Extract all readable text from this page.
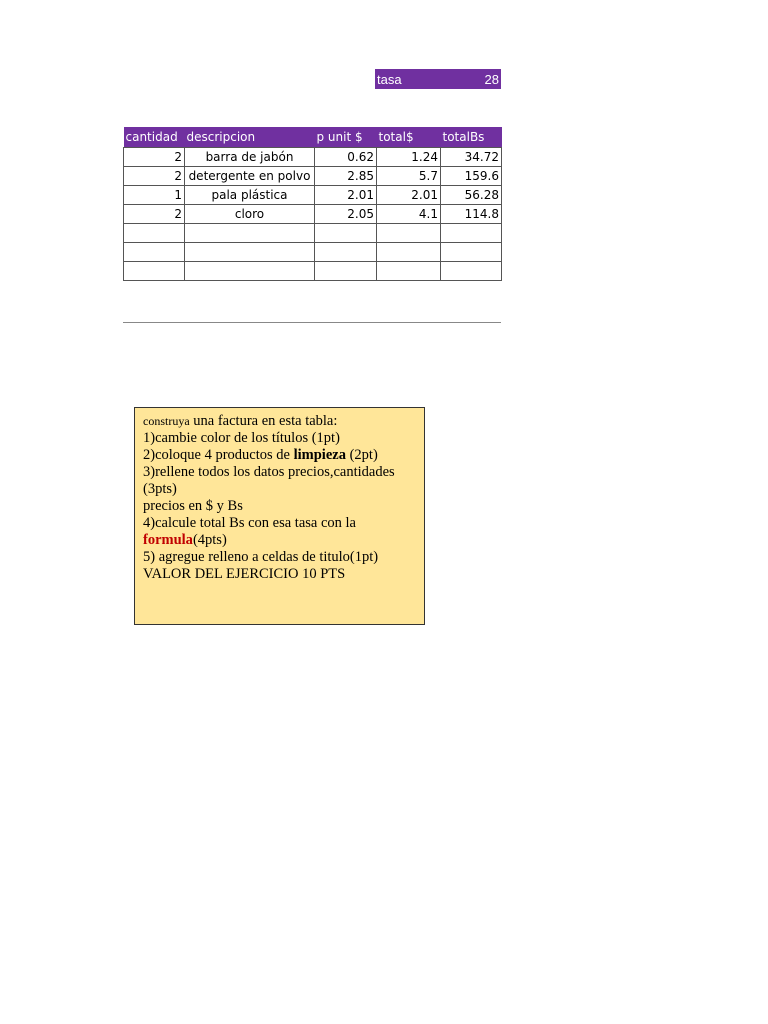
tasa	28
cantidad	descripcion	p unit $	total$	totalBs
2	barra de jabón	0.62	1.24	34.72
2	detergente en polvo	2.85	5.7	159.6
1	pala plástica	2.01	2.01	56.28
2	cloro	2.05	4.1	114.8

construya una factura en esta tabla:
1)cambie color de los títulos (1pt)
2)coloque 4 productos de limpieza (2pt)
3)rellene todos los datos precios,cantidades (3pts)
precios en $ y Bs
4)calcule total Bs con esa tasa con la
formula(4pts)
5) agregue relleno a celdas de titulo(1pt)
VALOR DEL EJERCICIO 10 PTS
